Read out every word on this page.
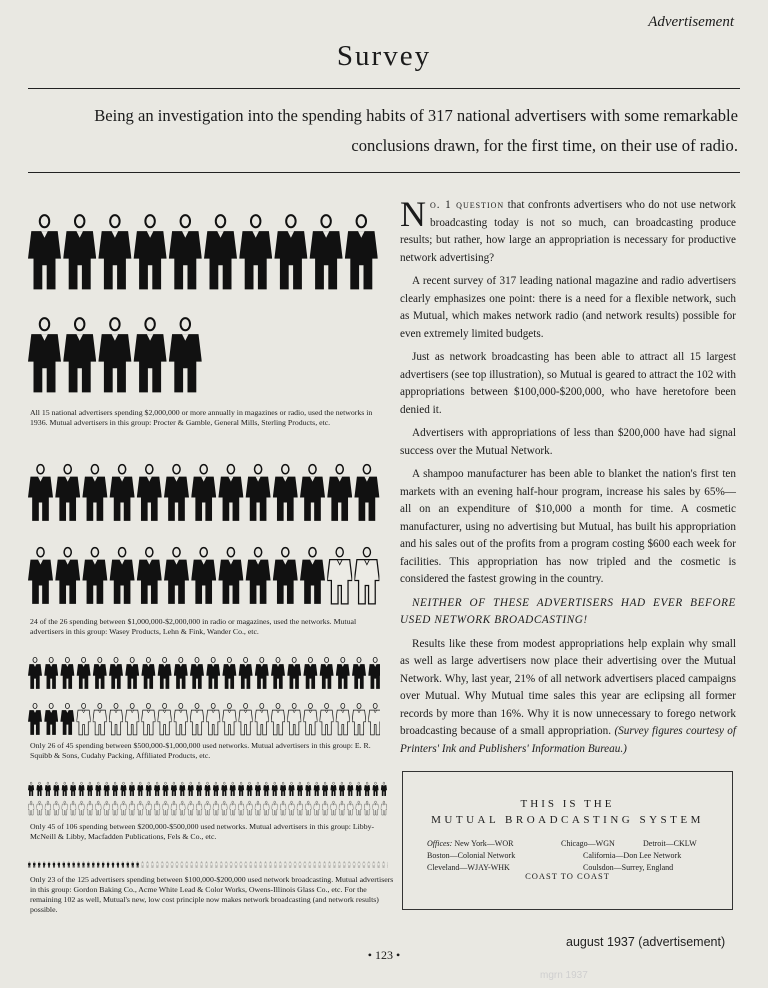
Advertisement
Survey
Being an investigation into the spending habits of 317 national advertisers with some remarkable conclusions drawn, for the first time, on their use of radio.
All 15 national advertisers spending $2,000,000 or more annually in magazines or radio, used the networks in 1936. Mutual advertisers in this group: Procter & Gamble, General Mills, Sterling Products, etc.
24 of the 26 spending between $1,000,000-$2,000,000 in radio or magazines, used the networks. Mutual advertisers in this group: Wasey Products, Lehn & Fink, Wander Co., etc.
Only 26 of 45 spending between $500,000-$1,000,000 used networks. Mutual advertisers in this group: E. R. Squibb & Sons, Cudahy Packing, Affiliated Products, etc.
Only 45 of 106 spending between $200,000-$500,000 used networks. Mutual advertisers in this group: Libby-McNeill & Libby, Macfadden Publications, Fels & Co., etc.
Only 23 of the 125 advertisers spending between $100,000-$200,000 used network broadcasting. Mutual advertisers in this group: Gordon Baking Co., Acme White Lead & Color Works, Owens-Illinois Glass Co., etc. For the remaining 102 as well, Mutual's new, low cost principle now makes network broadcasting (and network results) possible.

No. 1 question that confronts advertisers who do not use network broadcasting today is not so much, can broadcasting produce results; but rather, how large an appropriation is necessary for productive network advertising?

A recent survey of 317 leading national magazine and radio advertisers clearly emphasizes one point: there is a need for a flexible network, such as Mutual, which makes network radio (and network results) possible for even extremely limited budgets.

Just as network broadcasting has been able to attract all 15 largest advertisers (see top illustration), so Mutual is geared to attract the 102 with appropriations between $100,000-$200,000, who have heretofore been denied it.

Advertisers with appropriations of less than $200,000 have had signal success over the Mutual Network.

A shampoo manufacturer has been able to blanket the nation's first ten markets with an evening half-hour program, increase his sales by 65%—all on an expenditure of $10,000 a month for time. A cosmetic manufacturer, using no advertising but Mutual, has built his appropriation and his sales out of the profits from a program costing $600 each week for facilities. This appropriation has now tripled and the cosmetic is considered the fastest growing in the country.

NEITHER OF THESE ADVERTISERS HAD EVER BEFORE USED NETWORK BROADCASTING!

Results like these from modest appropriations help explain why small as well as large advertisers now place their advertising over the Mutual Network. Why, last year, 21% of all network advertisers placed campaigns over Mutual. Why Mutual time sales this year are eclipsing all former records by more than 16%. Why it is now unnecessary to forego network broadcasting because of a small appropriation. (Survey figures courtesy of Printers' Ink and Publishers' Information Bureau.)

THIS IS THE
MUTUAL BROADCASTING SYSTEM
Offices: New York—WOR
Boston—Colonial Network
Cleveland—WJAY-WHK
Chicago—WGN
California—Don Lee Network
Coulsdon—Surrey, England
Detroit—CKLW
COAST TO COAST
• 123 •
august 1937 (advertisement)
mgrn 1937
